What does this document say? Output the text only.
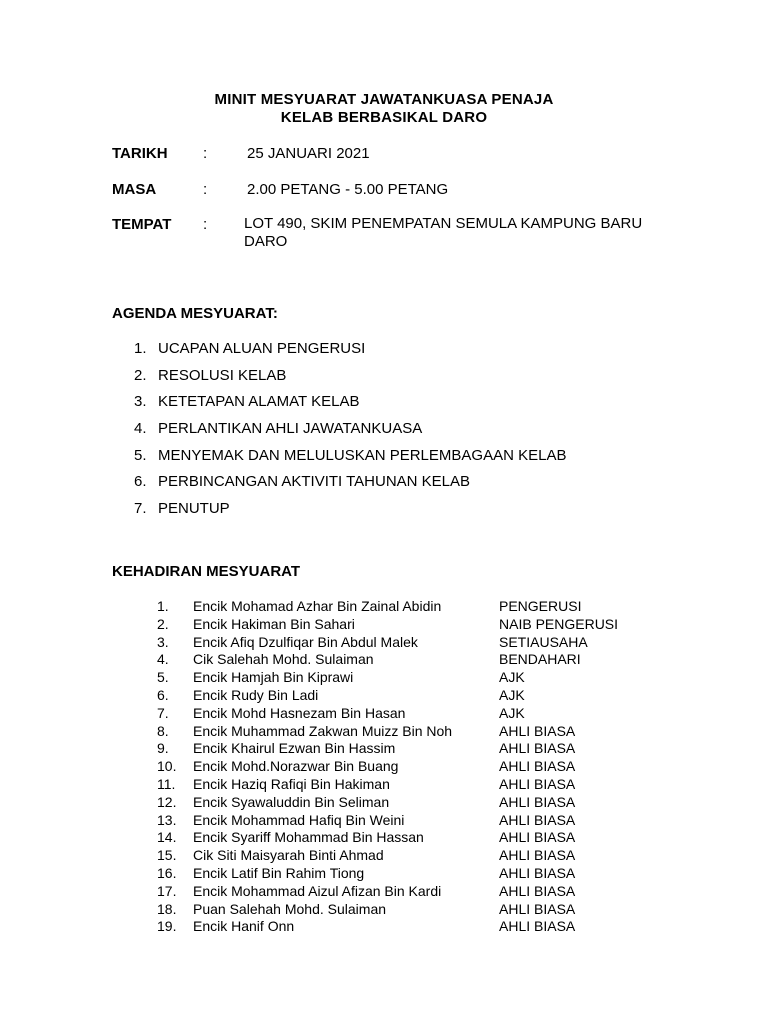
MINIT MESYUARAT JAWATANKUASA PENAJA
KELAB BERBASIKAL DARO
TARIKH :	25 JANUARI 2021
MASA	:	2.00 PETANG - 5.00 PETANG
TEMPAT : LOT 490, SKIM PENEMPATAN SEMULA KAMPUNG BARU DARO
AGENDA MESYUARAT:
1. UCAPAN ALUAN PENGERUSI
2. RESOLUSI KELAB
3. KETETAPAN ALAMAT KELAB
4. PERLANTIKAN AHLI JAWATANKUASA
5. MENYEMAK DAN MELULUSKAN PERLEMBAGAAN KELAB
6. PERBINCANGAN AKTIVITI TAHUNAN KELAB
7. PENUTUP
KEHADIRAN MESYUARAT
1. Encik Mohamad Azhar Bin Zainal Abidin	PENGERUSI
2. Encik Hakiman Bin Sahari	NAIB PENGERUSI
3. Encik Afiq Dzulfiqar Bin Abdul Malek	SETIAUSAHA
4. Cik Salehah Mohd. Sulaiman	BENDAHARI
5. Encik Hamjah Bin Kiprawi	AJK
6. Encik Rudy Bin Ladi	AJK
7. Encik Mohd Hasnezam Bin Hasan	AJK
8. Encik Muhammad Zakwan Muizz Bin Noh	AHLI BIASA
9. Encik Khairul Ezwan Bin Hassim	AHLI BIASA
10. Encik Mohd.Norazwar Bin Buang	AHLI BIASA
11. Encik Haziq Rafiqi Bin Hakiman	AHLI BIASA
12. Encik Syawaluddin Bin Seliman	AHLI BIASA
13. Encik Mohammad Hafiq Bin Weini	AHLI BIASA
14. Encik Syariff Mohammad Bin Hassan	AHLI BIASA
15. Cik Siti Maisyarah Binti Ahmad	AHLI BIASA
16. Encik Latif Bin Rahim Tiong	AHLI BIASA
17. Encik Mohammad Aizul Afizan Bin Kardi	AHLI BIASA
18. Puan Salehah Mohd. Sulaiman	AHLI BIASA
19. Encik Hanif Onn	AHLI BIASA
